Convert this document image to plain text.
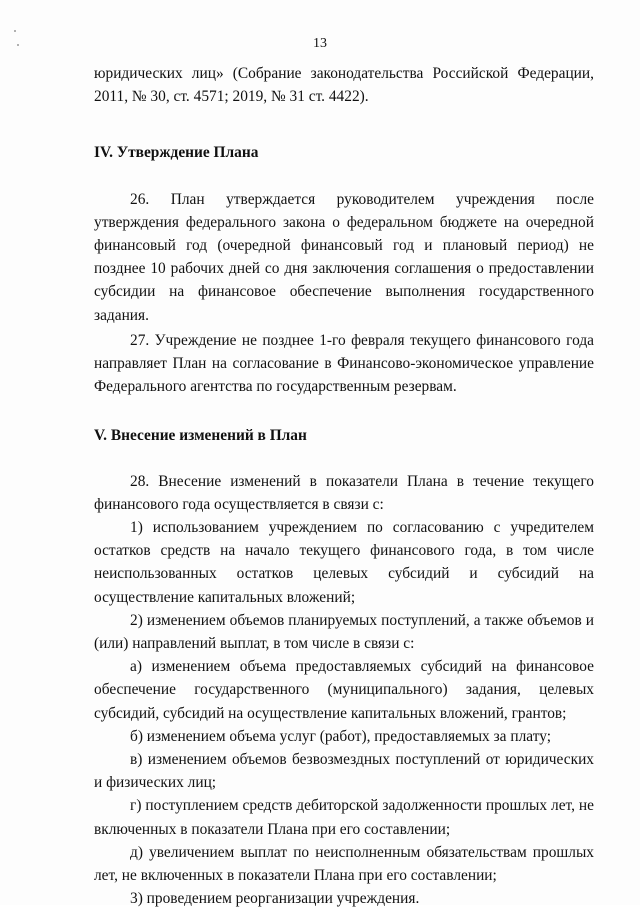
13

юридических лиц» (Собрание законодательства Российской Федерации, 2011, № 30, ст. 4571; 2019, № 31 ст. 4422).

IV. Утверждение Плана

26. План утверждается руководителем учреждения после утверждения федерального закона о федеральном бюджете на очередной финансовый год (очередной финансовый год и плановый период) не позднее 10 рабочих дней со дня заключения соглашения о предоставлении субсидии на финансовое обеспечение выполнения государственного задания.

27. Учреждение не позднее 1-го февраля текущего финансового года направляет План на согласование в Финансово-экономическое управление Федерального агентства по государственным резервам.

V. Внесение изменений в План

28. Внесение изменений в показатели Плана в течение текущего финансового года осуществляется в связи с:

1) использованием учреждением по согласованию с учредителем остатков средств на начало текущего финансового года, в том числе неиспользованных остатков целевых субсидий и субсидий на осуществление капитальных вложений;

2) изменением объемов планируемых поступлений, а также объемов и (или) направлений выплат, в том числе в связи с:

а) изменением объема предоставляемых субсидий на финансовое обеспечение государственного (муниципального) задания, целевых субсидий, субсидий на осуществление капитальных вложений, грантов;

б) изменением объема услуг (работ), предоставляемых за плату;

в) изменением объемов безвозмездных поступлений от юридических и физических лиц;

г) поступлением средств дебиторской задолженности прошлых лет, не включенных в показатели Плана при его составлении;

д) увеличением выплат по неисполненным обязательствам прошлых лет, не включенных в показатели Плана при его составлении;

3) проведением реорганизации учреждения.
